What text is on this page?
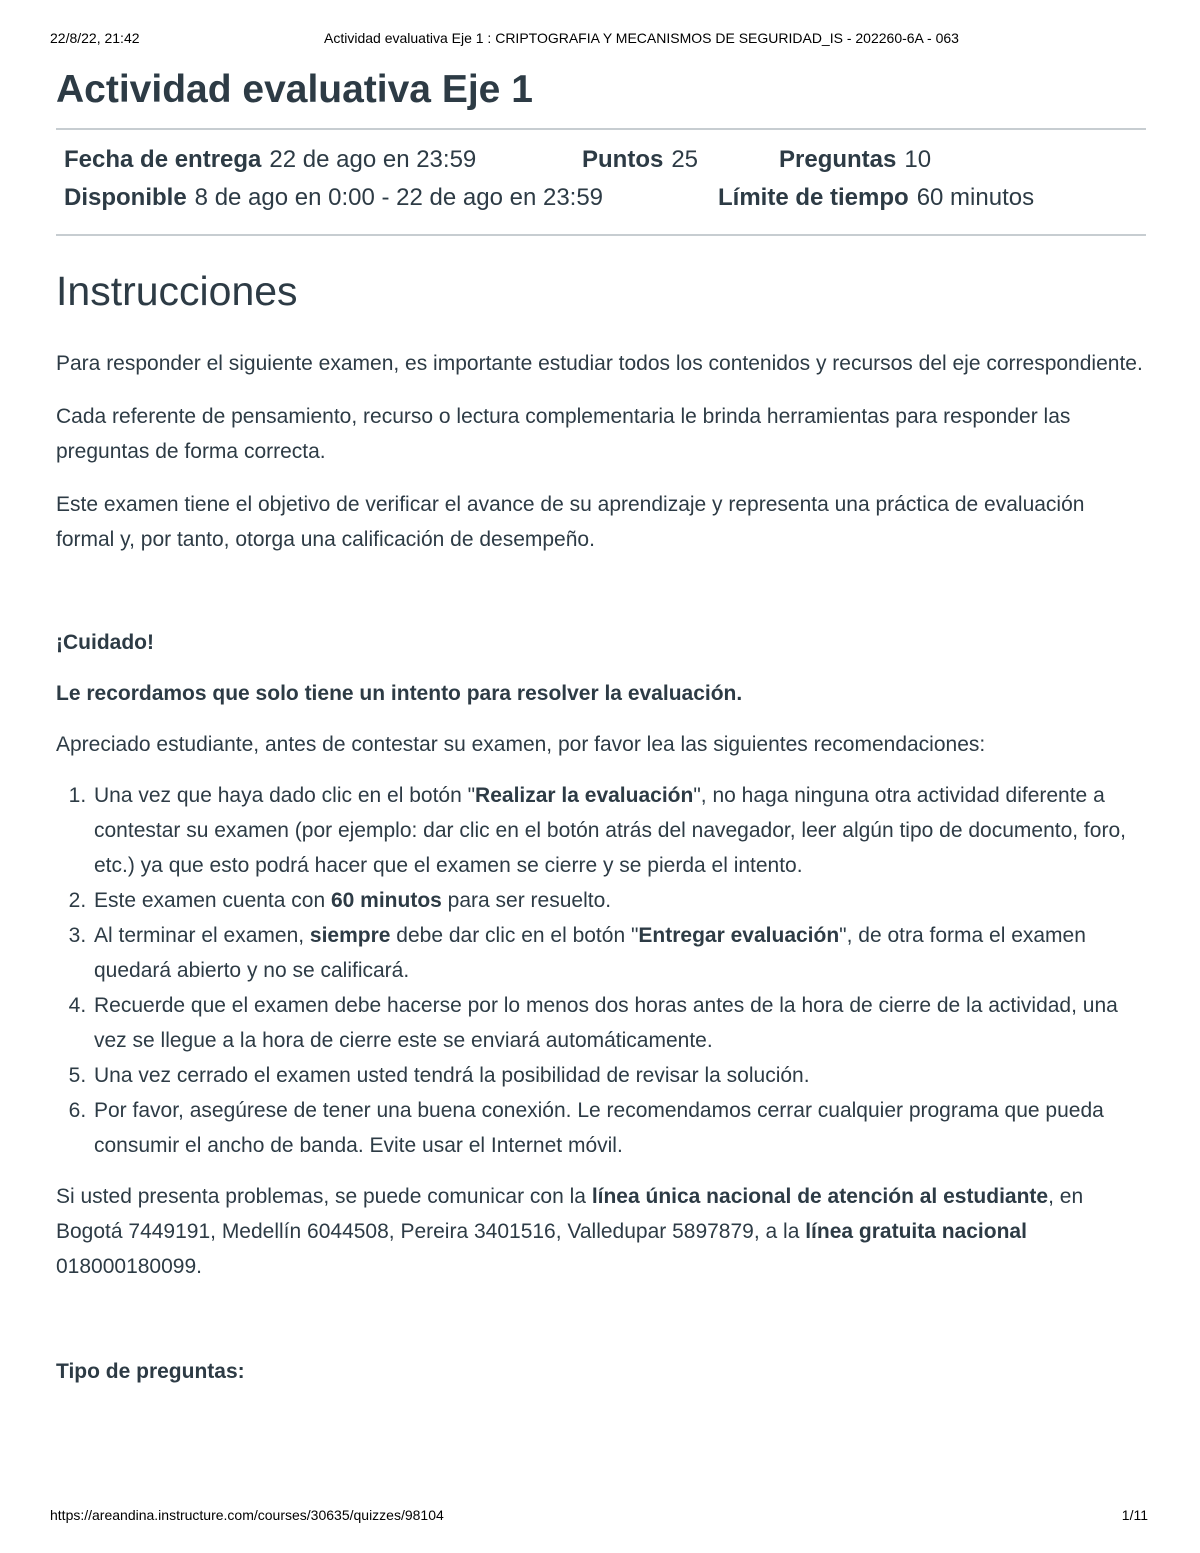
22/8/22, 21:42	Actividad evaluativa Eje 1 : CRIPTOGRAFIA Y MECANISMOS DE SEGURIDAD_IS - 202260-6A - 063
Actividad evaluativa Eje 1
Fecha de entrega 22 de ago en 23:59	Puntos 25	Preguntas 10
Disponible 8 de ago en 0:00 - 22 de ago en 23:59	Límite de tiempo 60 minutos
Instrucciones

Para responder el siguiente examen, es importante estudiar todos los contenidos y recursos del eje correspondiente.

Cada referente de pensamiento, recurso o lectura complementaria le brinda herramientas para responder las preguntas de forma correcta.

Este examen tiene el objetivo de verificar el avance de su aprendizaje y representa una práctica de evaluación formal y, por tanto, otorga una calificación de desempeño.

¡Cuidado!

Le recordamos que solo tiene un intento para resolver la evaluación.

Apreciado estudiante, antes de contestar su examen, por favor lea las siguientes recomendaciones:

1. Una vez que haya dado clic en el botón "Realizar la evaluación", no haga ninguna otra actividad diferente a contestar su examen (por ejemplo: dar clic en el botón atrás del navegador, leer algún tipo de documento, foro, etc.) ya que esto podrá hacer que el examen se cierre y se pierda el intento.
2. Este examen cuenta con 60 minutos para ser resuelto.
3. Al terminar el examen, siempre debe dar clic en el botón "Entregar evaluación", de otra forma el examen quedará abierto y no se calificará.
4. Recuerde que el examen debe hacerse por lo menos dos horas antes de la hora de cierre de la actividad, una vez se llegue a la hora de cierre este se enviará automáticamente.
5. Una vez cerrado el examen usted tendrá la posibilidad de revisar la solución.
6. Por favor, asegúrese de tener una buena conexión. Le recomendamos cerrar cualquier programa que pueda consumir el ancho de banda. Evite usar el Internet móvil.

Si usted presenta problemas, se puede comunicar con la línea única nacional de atención al estudiante, en Bogotá 7449191, Medellín 6044508, Pereira 3401516, Valledupar 5897879, a la línea gratuita nacional 018000180099.

Tipo de preguntas:

https://areandina.instructure.com/courses/30635/quizzes/98104	1/11
